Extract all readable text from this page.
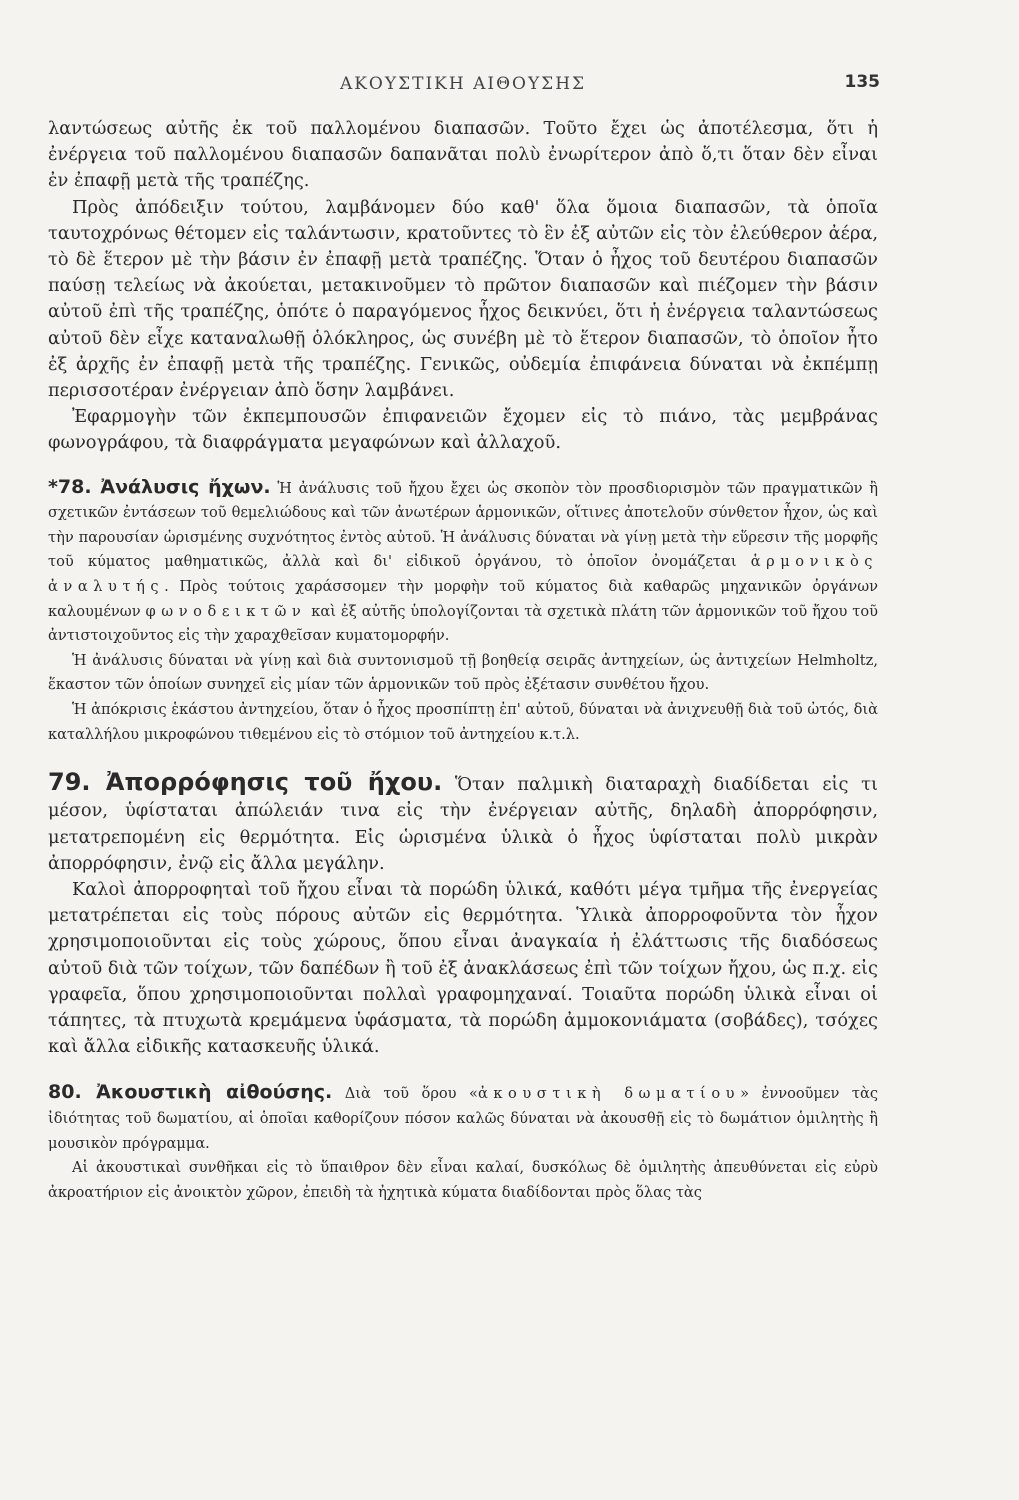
ΑΚΟΥΣΤΙΚΗ ΑΙΘΟΥΣΗΣ	135

λαντώσεως αὐτῆς ἐκ τοῦ παλλομένου διαπασῶν. Τοῦτο ἔχει ὡς ἀποτέλεσμα, ὅτι ἡ ἐνέργεια τοῦ παλλομένου διαπασῶν δαπανᾶται πολὺ ἐνωρίτερον ἀπὸ ὅ,τι ὅταν δὲν εἶναι ἐν ἐπαφῇ μετὰ τῆς τραπέζης.

Πρὸς ἀπόδειξιν τούτου, λαμβάνομεν δύο καθ' ὅλα ὅμοια διαπασῶν, τὰ ὁποῖα ταυτοχρόνως θέτομεν εἰς ταλάντωσιν, κρατοῦντες τὸ ἓν ἐξ αὐτῶν εἰς τὸν ἐλεύθερον ἀέρα, τὸ δὲ ἕτερον μὲ τὴν βάσιν ἐν ἐπαφῇ μετὰ τραπέζης. Ὅταν ὁ ἦχος τοῦ δευτέρου διαπασῶν παύσῃ τελείως νὰ ἀκούεται, μετακινοῦμεν τὸ πρῶτον διαπασῶν καὶ πιέζομεν τὴν βάσιν αὐτοῦ ἐπὶ τῆς τραπέζης, ὁπότε ὁ παραγόμενος ἦχος δεικνύει, ὅτι ἡ ἐνέργεια ταλαντώσεως αὐτοῦ δὲν εἶχε καταναλωθῇ ὁλόκληρος, ὡς συνέβη μὲ τὸ ἕτερον διαπασῶν, τὸ ὁποῖον ἦτο ἐξ ἀρχῆς ἐν ἐπαφῇ μετὰ τῆς τραπέζης. Γενικῶς, οὐδεμία ἐπιφάνεια δύναται νὰ ἐκπέμπῃ περισσοτέραν ἐνέργειαν ἀπὸ ὅσην λαμβάνει.

Ἐφαρμογὴν τῶν ἐκπεμπουσῶν ἐπιφανειῶν ἔχομεν εἰς τὸ πιάνο, τὰς μεμβράνας φωνογράφου, τὰ διαφράγματα μεγαφώνων καὶ ἀλλαχοῦ.

*78. Ἀνάλυσις ἤχων. Ἡ ἀνάλυσις τοῦ ἤχου ἔχει ὡς σκοπὸν τὸν προσδιορισμὸν τῶν πραγματικῶν ἢ σχετικῶν ἐντάσεων τοῦ θεμελιώδους καὶ τῶν ἀνωτέρων ἁρμονικῶν, οἵτινες ἀποτελοῦν σύνθετον ἦχον, ὡς καὶ τὴν παρουσίαν ὡρισμένης συχνότητος ἐντὸς αὐτοῦ. Ἡ ἀνάλυσις δύναται νὰ γίνῃ μετὰ τὴν εὕρεσιν τῆς μορφῆς τοῦ κύματος μαθηματικῶς, ἀλλὰ καὶ δι' εἰδικοῦ ὀργάνου, τὸ ὁποῖον ὀνομάζεται ἁρμονικὸς ἀναλυτής. Πρὸς τούτοις χαράσσομεν τὴν μορφὴν τοῦ κύματος διὰ καθαρῶς μηχανικῶν ὀργάνων καλουμένων φωνοδεικτῶν καὶ ἐξ αὐτῆς ὑπολογίζονται τὰ σχετικὰ πλάτη τῶν ἁρμονικῶν τοῦ ἤχου τοῦ ἀντιστοιχοῦντος εἰς τὴν χαραχθεῖσαν κυματομορφήν.

Ἡ ἀνάλυσις δύναται νὰ γίνῃ καὶ διὰ συντονισμοῦ τῇ βοηθείᾳ σειρᾶς ἀντηχείων, ὡς ἀντιχείων Helmholtz, ἕκαστον τῶν ὁποίων συνηχεῖ εἰς μίαν τῶν ἁρμονικῶν τοῦ πρὸς ἐξέτασιν συνθέτου ἤχου.

Ἡ ἀπόκρισις ἑκάστου ἀντηχείου, ὅταν ὁ ἦχος προσπίπτῃ ἐπ' αὐτοῦ, δύναται νὰ ἀνιχνευθῇ διὰ τοῦ ὠτός, διὰ καταλλήλου μικροφώνου τιθεμένου εἰς τὸ στόμιον τοῦ ἀντηχείου κ.τ.λ.

79. Ἀπορρόφησις τοῦ ἤχου. Ὅταν παλμικὴ διαταραχὴ διαδίδεται εἰς τι μέσον, ὑφίσταται ἀπώλειάν τινα εἰς τὴν ἐνέργειαν αὐτῆς, δηλαδὴ ἀπορρόφησιν, μετατρεπομένη εἰς θερμότητα. Εἰς ὡρισμένα ὑλικὰ ὁ ἦχος ὑφίσταται πολὺ μικρὰν ἀπορρόφησιν, ἐνῷ εἰς ἄλλα μεγάλην.

Καλοὶ ἀπορροφηταὶ τοῦ ἤχου εἶναι τὰ πορώδη ὑλικά, καθότι μέγα τμῆμα τῆς ἐνεργείας μετατρέπεται εἰς τοὺς πόρους αὐτῶν εἰς θερμότητα. Ὑλικὰ ἀπορροφοῦντα τὸν ἦχον χρησιμοποιοῦνται εἰς τοὺς χώρους, ὅπου εἶναι ἀναγκαία ἡ ἐλάττωσις τῆς διαδόσεως αὐτοῦ διὰ τῶν τοίχων, τῶν δαπέδων ἢ τοῦ ἐξ ἀνακλάσεως ἐπὶ τῶν τοίχων ἤχου, ὡς π.χ. εἰς γραφεῖα, ὅπου χρησιμοποιοῦνται πολλαὶ γραφομηχαναί. Τοιαῦτα πορώδη ὑλικὰ εἶναι οἱ τάπητες, τὰ πτυχωτὰ κρεμάμενα ὑφάσματα, τὰ πορώδη ἀμμοκονιάματα (σοβάδες), τσόχες καὶ ἄλλα εἰδικῆς κατασκευῆς ὑλικά.

80. Ἀκουστικὴ αἰθούσης. Διὰ τοῦ ὅρου «ἀκουστικὴ δωματίου» ἐννοοῦμεν τὰς ἰδιότητας τοῦ δωματίου, αἱ ὁποῖαι καθορίζουν πόσον καλῶς δύναται νὰ ἀκουσθῇ εἰς τὸ δωμάτιον ὁμιλητὴς ἢ μουσικὸν πρόγραμμα.

Αἱ ἀκουστικαὶ συνθῆκαι εἰς τὸ ὕπαιθρον δὲν εἶναι καλαί, δυσκόλως δὲ ὁμιλητὴς ἀπευθύνεται εἰς εὐρὺ ἀκροατήριον εἰς ἀνοικτὸν χῶρον, ἐπειδὴ τὰ ἠχητικὰ κύματα διαδίδονται πρὸς ὅλας τὰς
